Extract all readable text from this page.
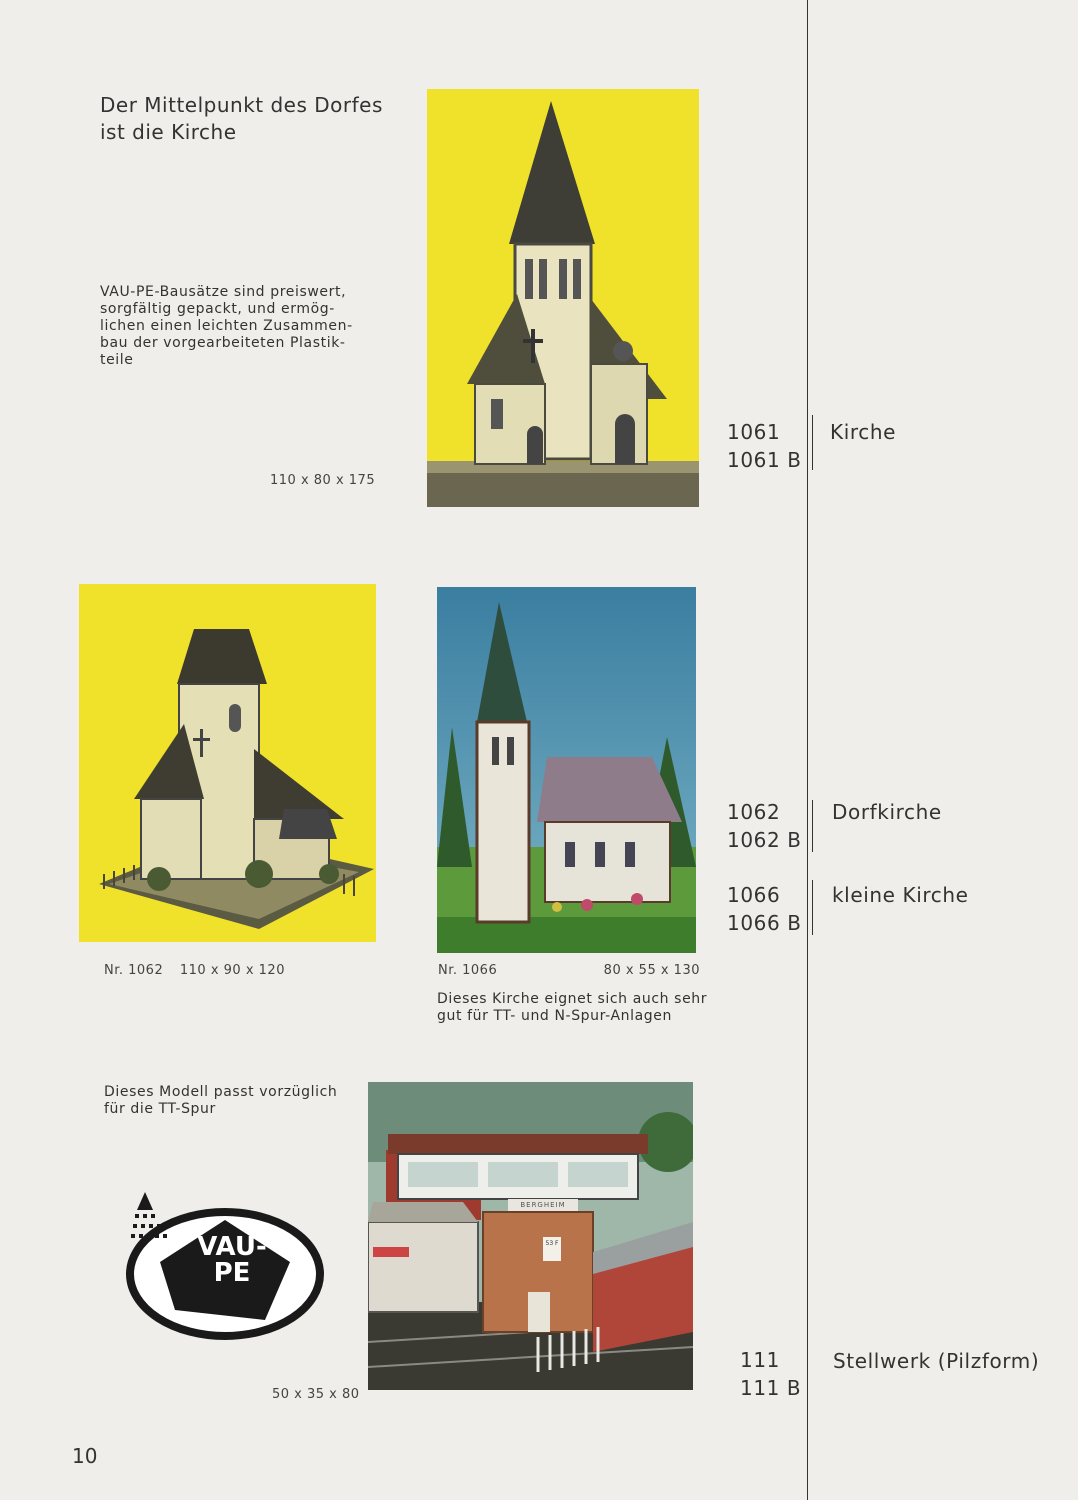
Der Mittelpunkt des Dorfes
ist die Kirche
VAU-PE-Bausätze sind preiswert,
sorgfältig gepackt, und ermög-
lichen einen leichten Zusammen-
bau der vorgearbeiteten Plastik-
teile
110 x 80 x 175
1061
1061 B
Kirche
1062
1062 B
Dorfkirche
1066
1066 B
kleine Kirche
111
111 B
Stellwerk (Pilzform)
Nr. 1062 110 x 90 x 120	Nr. 1066	80 x 55 x 130
Dieses Kirche eignet sich auch sehr
gut für TT- und N-Spur-Anlagen
Dieses Modell passt vorzüglich
für die TT-Spur
VAU-
PE
50 x 35 x 80
BERGHEIM
53 F
10
